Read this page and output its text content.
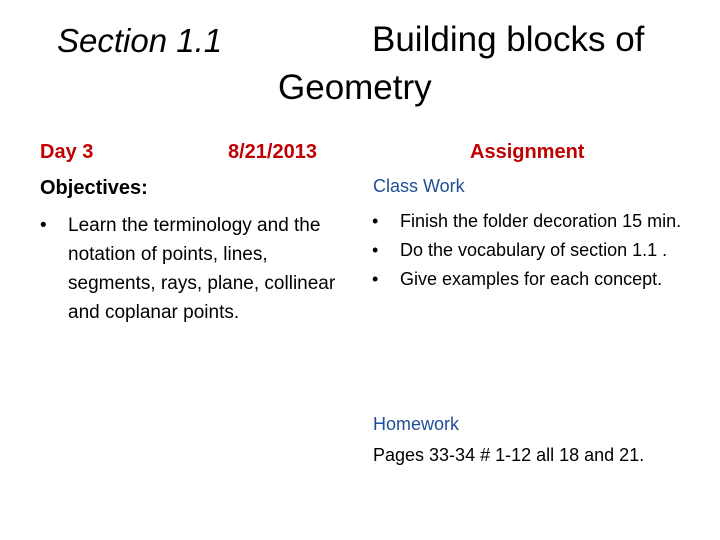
Section 1.1	Building blocks of
Geometry
Day 3	8/21/2013	Assignment
Objectives:
• Learn the terminology and the notation of points, lines, segments, rays, plane, collinear and coplanar points.
Class Work
• Finish the folder decoration 15 min.
• Do the vocabulary of section 1.1 .
• Give examples for each concept.
Homework
Pages 33-34 # 1-12 all 18 and 21.
